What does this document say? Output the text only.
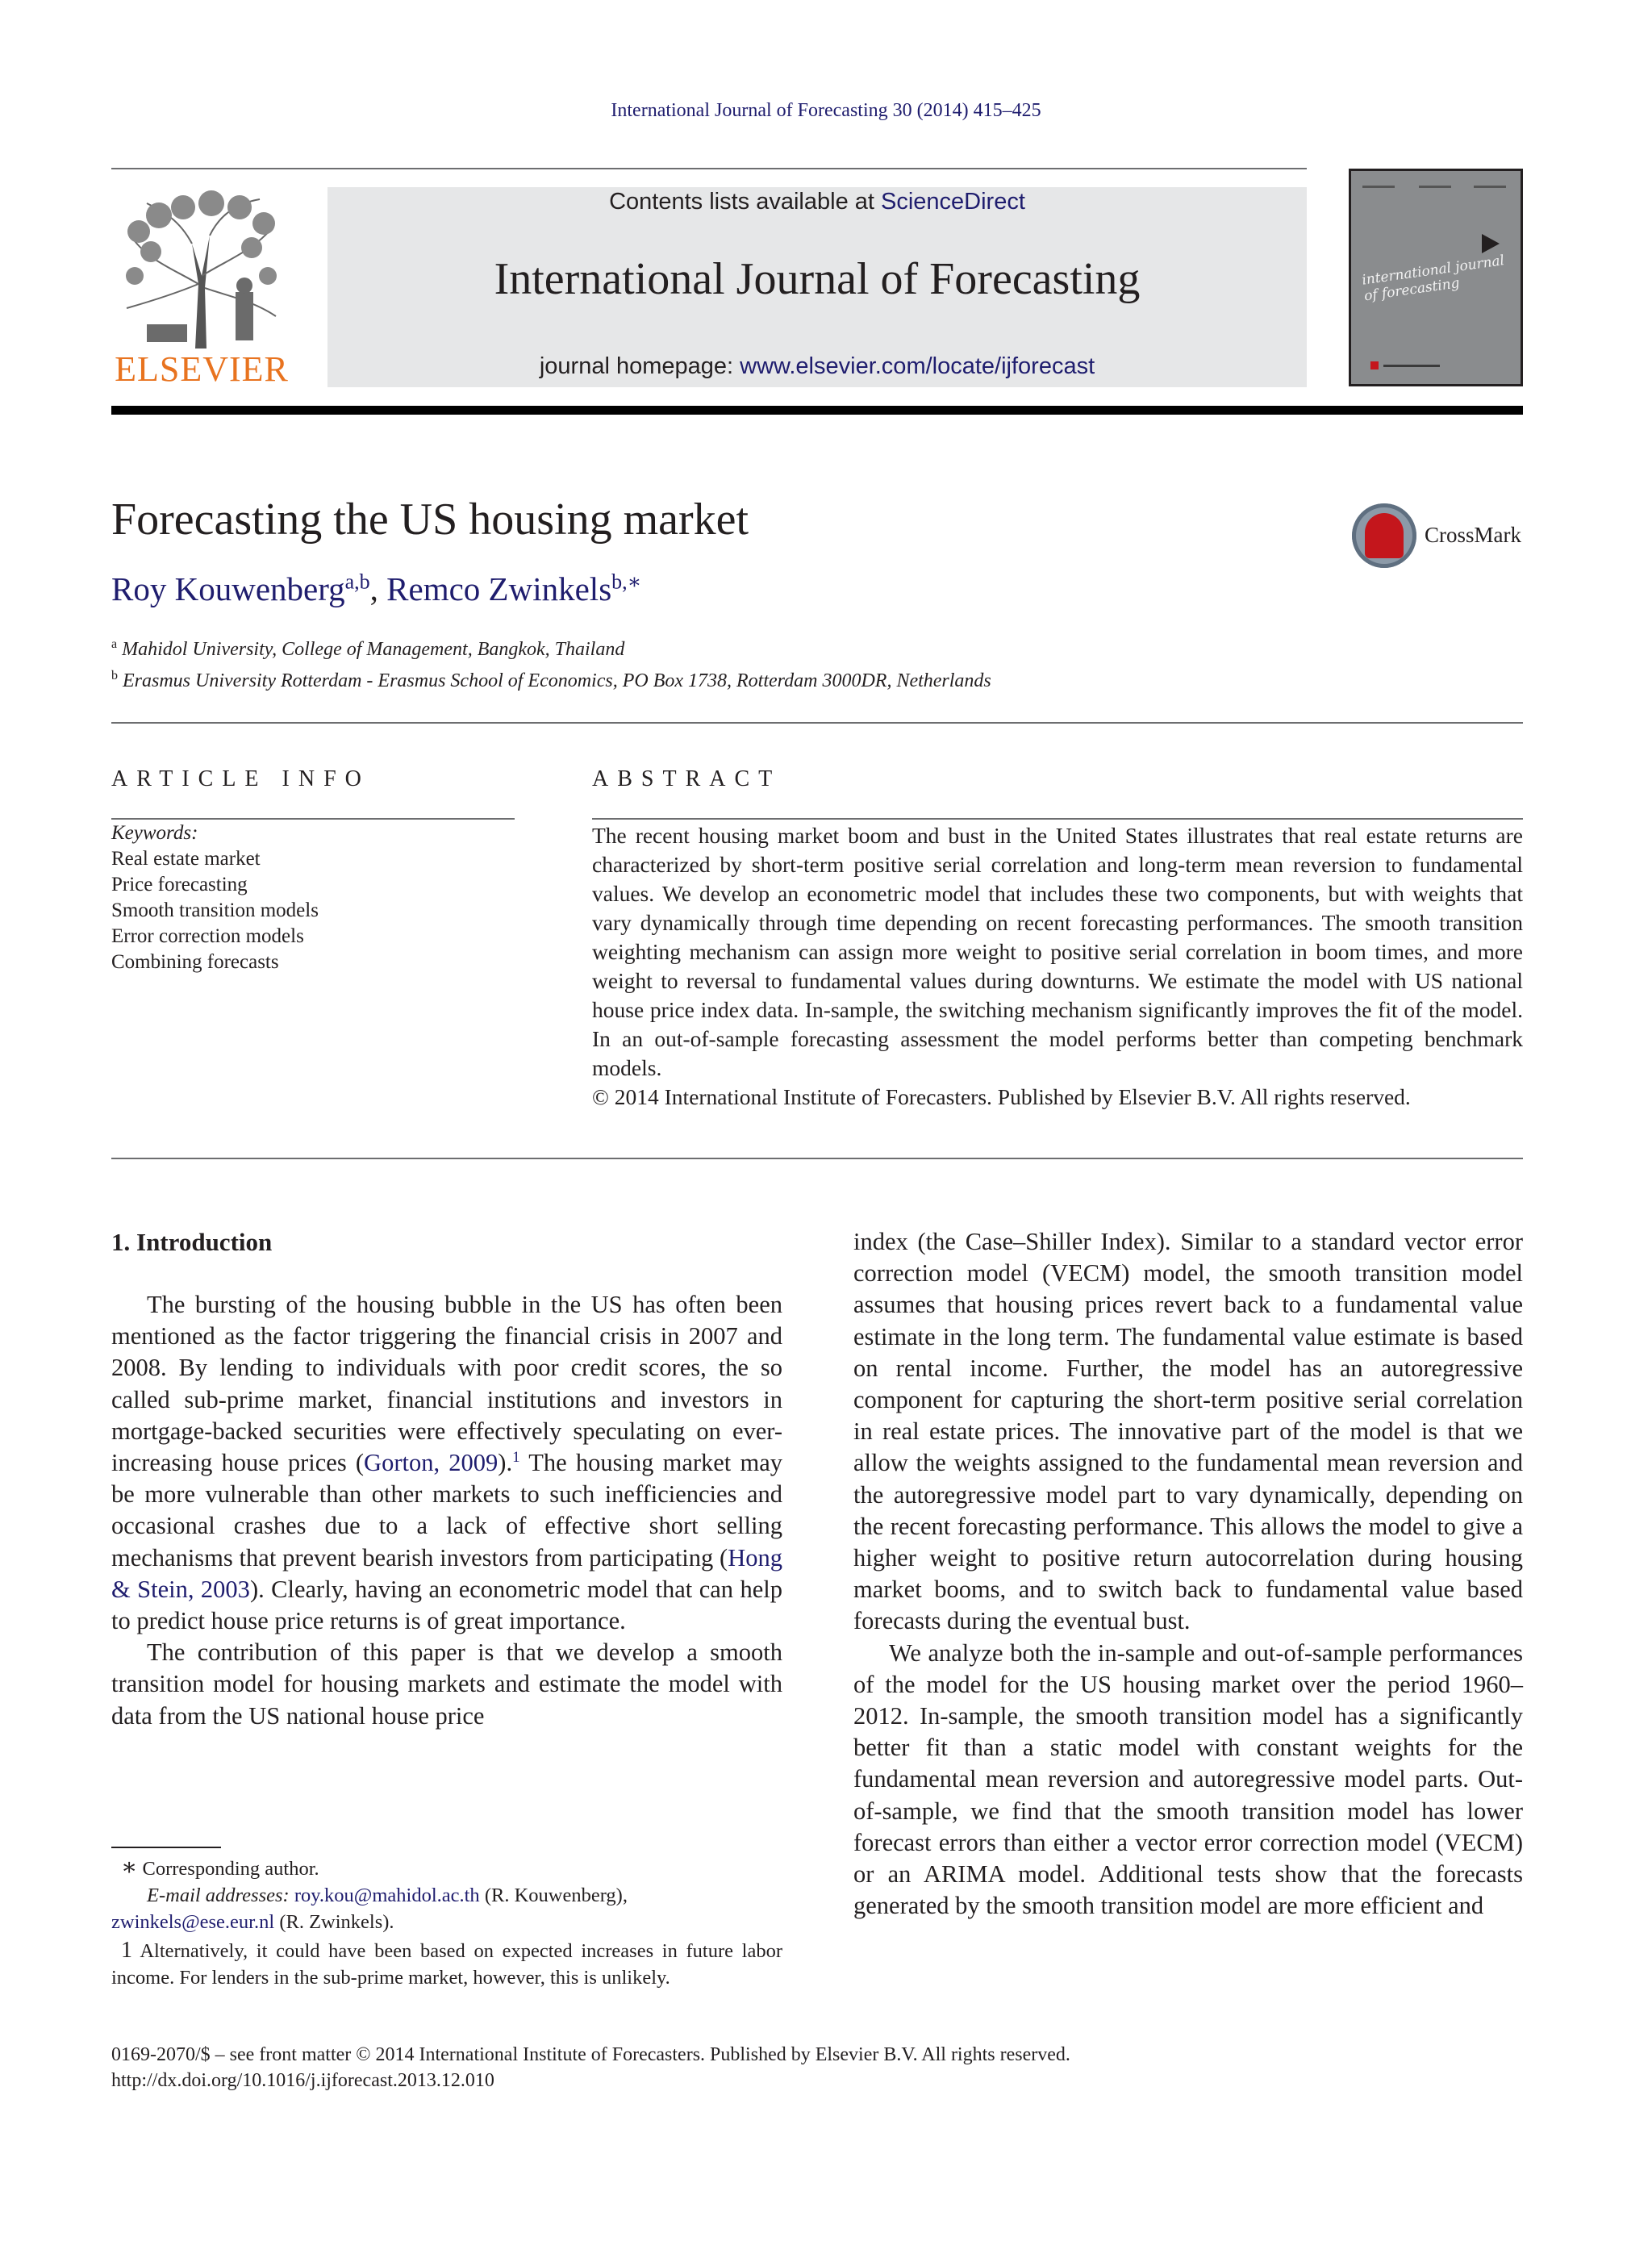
International Journal of Forecasting 30 (2014) 415–425
ELSEVIER
Contents lists available at ScienceDirect
International Journal of Forecasting
journal homepage: www.elsevier.com/locate/ijforecast
international journal of forecasting
Forecasting the US housing market	CrossMark
Roy Kouwenberg$^{a,b}$, Remco Zwinkels$^{b,∗}$
$^a$ Mahidol University, College of Management, Bangkok, Thailand
$^b$ Erasmus University Rotterdam - Erasmus School of Economics, PO Box 1738, Rotterdam 3000DR, Netherlands
ARTICLE INFO
Keywords:
Real estate market
Price forecasting
Smooth transition models
Error correction models
Combining forecasts
ABSTRACT
The recent housing market boom and bust in the United States illustrates that real estate returns are characterized by short-term positive serial correlation and long-term mean reversion to fundamental values. We develop an econometric model that includes these two components, but with weights that vary dynamically through time depending on recent forecasting performances. The smooth transition weighting mechanism can assign more weight to positive serial correlation in boom times, and more weight to reversal to fundamental values during downturns. We estimate the model with US national house price index data. In-sample, the switching mechanism significantly improves the fit of the model. In an out-of-sample forecasting assessment the model performs better than competing benchmark models.
© 2014 International Institute of Forecasters. Published by Elsevier B.V. All rights reserved.
1. Introduction

The bursting of the housing bubble in the US has often been mentioned as the factor triggering the financial crisis in 2007 and 2008. By lending to individuals with poor credit scores, the so called sub-prime market, financial institutions and investors in mortgage-backed securities were effectively speculating on ever-increasing house prices (Gorton, 2009).$^1$ The housing market may be more vulnerable than other markets to such inefficiencies and occasional crashes due to a lack of effective short selling mechanisms that prevent bearish investors from participating (Hong & Stein, 2003). Clearly, having an econometric model that can help to predict house price returns is of great importance.

The contribution of this paper is that we develop a smooth transition model for housing markets and estimate the model with data from the US national house price

index (the Case–Shiller Index). Similar to a standard vector error correction model (VECM) model, the smooth transition model assumes that housing prices revert back to a fundamental value estimate in the long term. The fundamental value estimate is based on rental income. Further, the model has an autoregressive component for capturing the short-term positive serial correlation in real estate prices. The innovative part of the model is that we allow the weights assigned to the fundamental mean reversion and the autoregressive model part to vary dynamically, depending on the recent forecasting performance. This allows the model to give a higher weight to positive return autocorrelation during housing market booms, and to switch back to fundamental value based forecasts during the eventual bust.

We analyze both the in-sample and out-of-sample performances of the model for the US housing market over the period 1960–2012. In-sample, the smooth transition model has a significantly better fit than a static model with constant weights for the fundamental mean reversion and autoregressive model parts. Out-of-sample, we find that the smooth transition model has lower forecast errors than either a vector error correction model (VECM) or an ARIMA model. Additional tests show that the forecasts generated by the smooth transition model are more efficient and

∗ Corresponding author.
E-mail addresses: roy.kou@mahidol.ac.th (R. Kouwenberg),
zwinkels@ese.eur.nl (R. Zwinkels).
1 Alternatively, it could have been based on expected increases in future labor income. For lenders in the sub-prime market, however, this is unlikely.
0169-2070/$ – see front matter © 2014 International Institute of Forecasters. Published by Elsevier B.V. All rights reserved.
http://dx.doi.org/10.1016/j.ijforecast.2013.12.010
